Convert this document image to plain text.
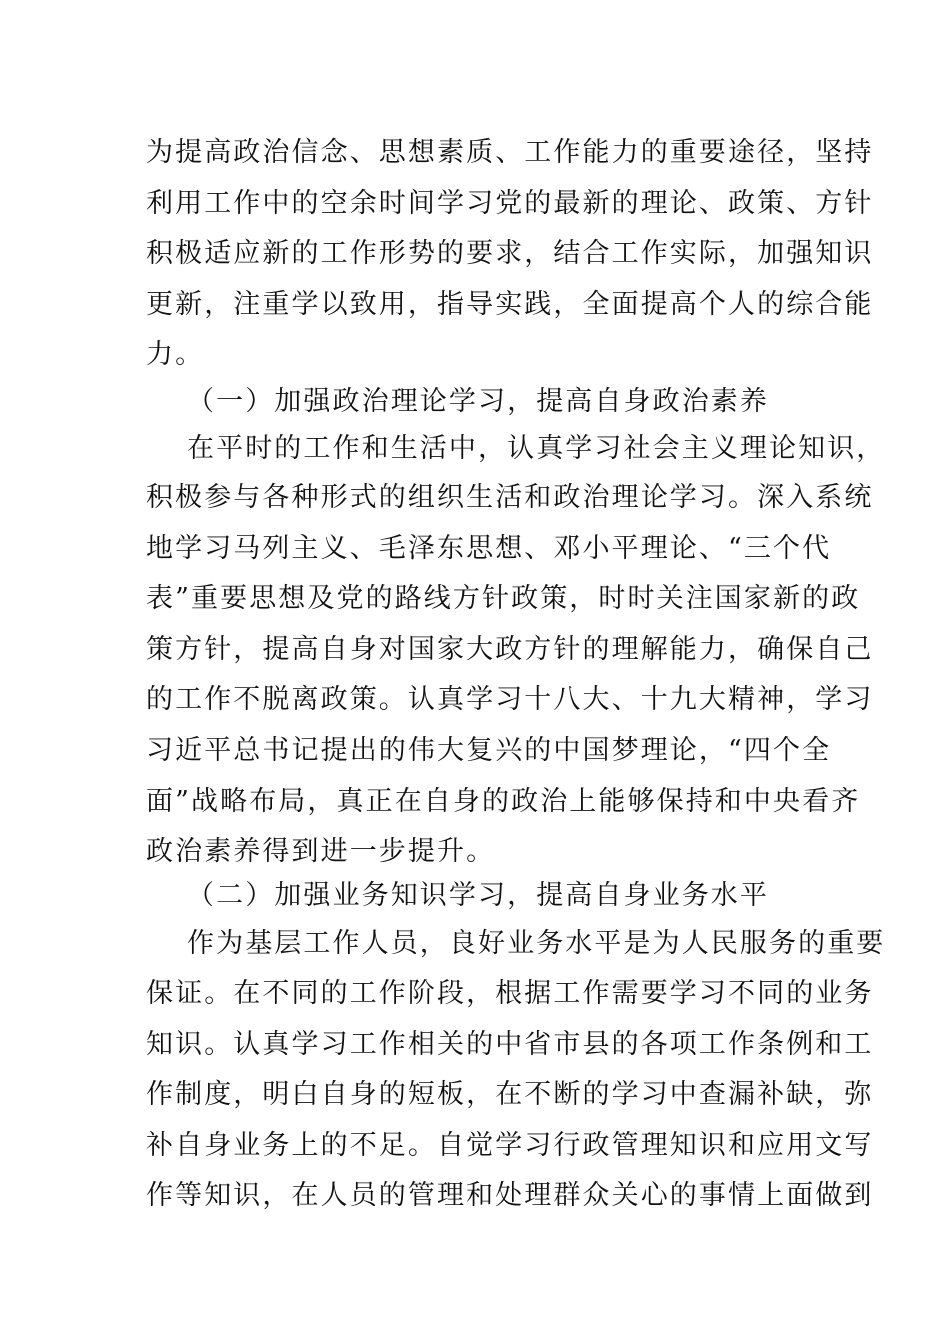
为提高政治信念、思想素质、工作能力的重要途径，坚持
利用工作中的空余时间学习党的最新的理论、政策、方针
积极适应新的工作形势的要求，结合工作实际，加强知识
更新，注重学以致用，指导实践，全面提高个人的综合能
力。
（一）加强政治理论学习，提高自身政治素养
在平时的工作和生活中，认真学习社会主义理论知识，
积极参与各种形式的组织生活和政治理论学习。深入系统
地学习马列主义、毛泽东思想、邓小平理论、“三个代
表”重要思想及党的路线方针政策，时时关注国家新的政
策方针，提高自身对国家大政方针的理解能力，确保自己
的工作不脱离政策。认真学习十八大、十九大精神，学习
习近平总书记提出的伟大复兴的中国梦理论，“四个全
面”战略布局，真正在自身的政治上能够保持和中央看齐
政治素养得到进一步提升。
（二）加强业务知识学习，提高自身业务水平
作为基层工作人员，良好业务水平是为人民服务的重要
保证。在不同的工作阶段，根据工作需要学习不同的业务
知识。认真学习工作相关的中省市县的各项工作条例和工
作制度，明白自身的短板，在不断的学习中查漏补缺，弥
补自身业务上的不足。自觉学习行政管理知识和应用文写
作等知识，在人员的管理和处理群众关心的事情上面做到
